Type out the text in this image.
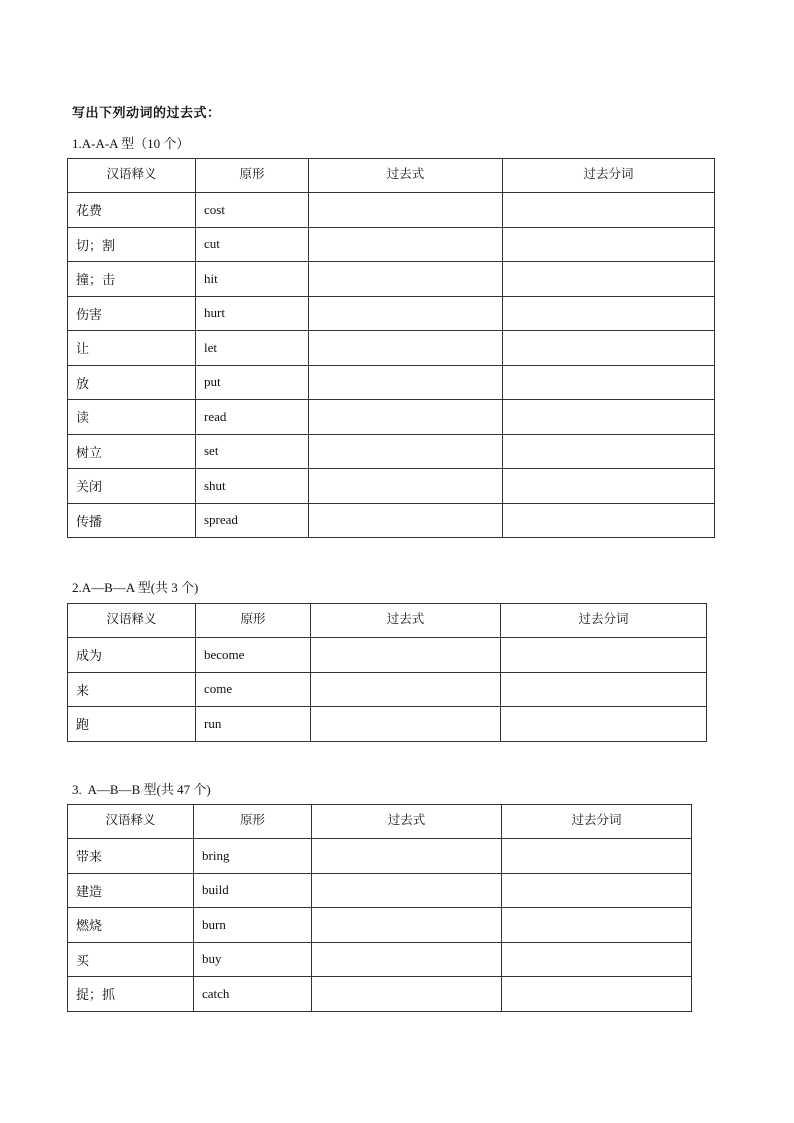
写出下列动词的过去式：
1.A-A-A 型（10 个）
汉语释义	原形	过去式	过去分词
花费	cost		
切；割	cut		
撞；击	hit		
伤害	hurt		
让	let		
放	put		
读	read		
树立	set		
关闭	shut		
传播	spread		
2.A—B—A 型(共 3 个)
汉语释义	原形	过去式	过去分词
成为	become		
来	come		
跑	run		
3.  A—B—B 型(共 47 个)
汉语释义	原形	过去式	过去分词
带来	bring		
建造	build		
燃烧	burn		
买	buy		
捉；抓	catch		
